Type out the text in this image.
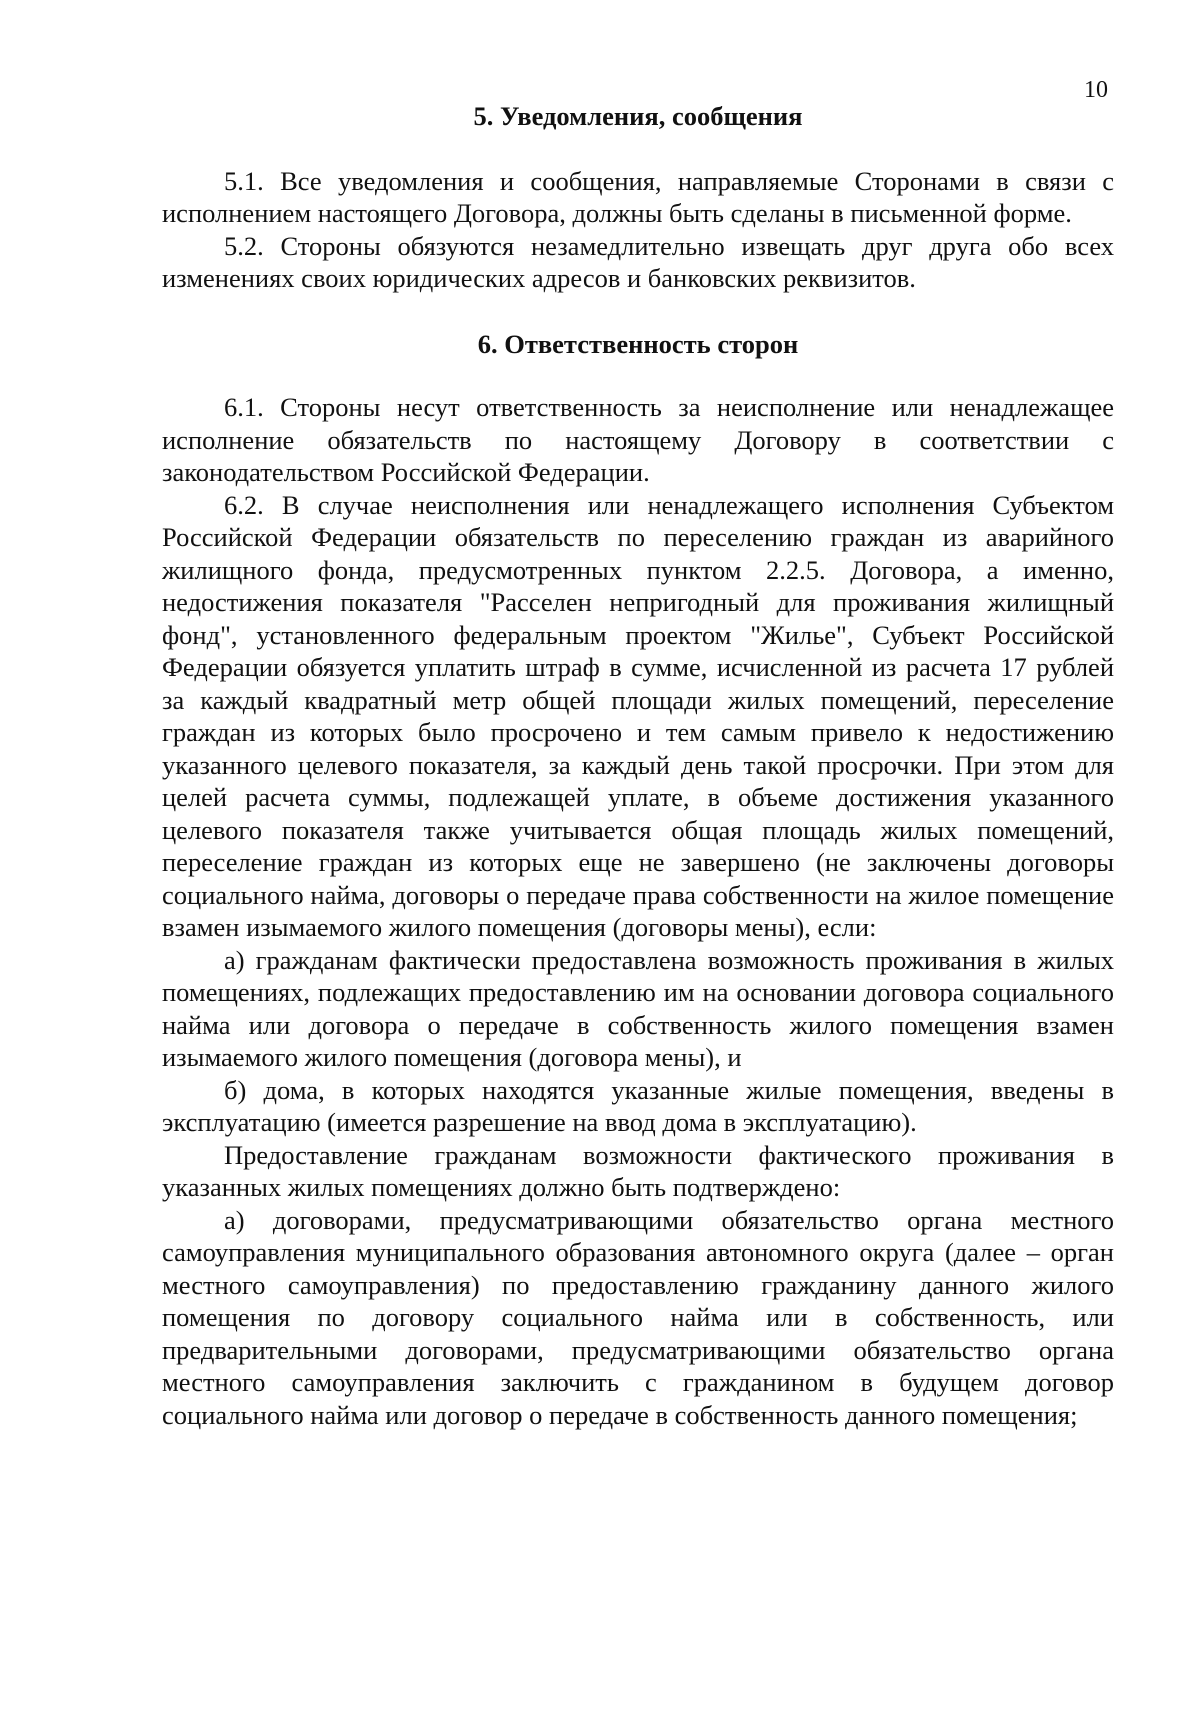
10
5. Уведомления, сообщения

5.1. Все уведомления и сообщения, направляемые Сторонами в связи с исполнением настоящего Договора, должны быть сделаны в письменной форме.

5.2. Стороны обязуются незамедлительно извещать друг друга обо всех изменениях своих юридических адресов и банковских реквизитов.

6. Ответственность сторон

6.1. Стороны несут ответственность за неисполнение или ненадлежащее исполнение обязательств по настоящему Договору в соответствии с законодательством Российской Федерации.

6.2. В случае неисполнения или ненадлежащего исполнения Субъектом Российской Федерации обязательств по переселению граждан из аварийного жилищного фонда, предусмотренных пунктом 2.2.5. Договора, а именно, недостижения показателя "Расселен непригодный для проживания жилищный фонд", установленного федеральным проектом "Жилье", Субъект Российской Федерации обязуется уплатить штраф в сумме, исчисленной из расчета 17 рублей за каждый квадратный метр общей площади жилых помещений, переселение граждан из которых было просрочено и тем самым привело к недостижению указанного целевого показателя, за каждый день такой просрочки. При этом для целей расчета суммы, подлежащей уплате, в объеме достижения указанного целевого показателя также учитывается общая площадь жилых помещений, переселение граждан из которых еще не завершено (не заключены договоры социального найма, договоры о передаче права собственности на жилое помещение взамен изымаемого жилого помещения (договоры мены), если:

а) гражданам фактически предоставлена возможность проживания в жилых помещениях, подлежащих предоставлению им на основании договора социального найма или договора о передаче в собственность жилого помещения взамен изымаемого жилого помещения (договора мены), и

б) дома, в которых находятся указанные жилые помещения, введены в эксплуатацию (имеется разрешение на ввод дома в эксплуатацию).

Предоставление гражданам возможности фактического проживания в указанных жилых помещениях должно быть подтверждено:

а) договорами, предусматривающими обязательство органа местного самоуправления муниципального образования автономного округа (далее – орган местного самоуправления) по предоставлению гражданину данного жилого помещения по договору социального найма или в собственность, или предварительными договорами, предусматривающими обязательство органа местного самоуправления заключить с гражданином в будущем договор социального найма или договор о передаче в собственность данного помещения;
